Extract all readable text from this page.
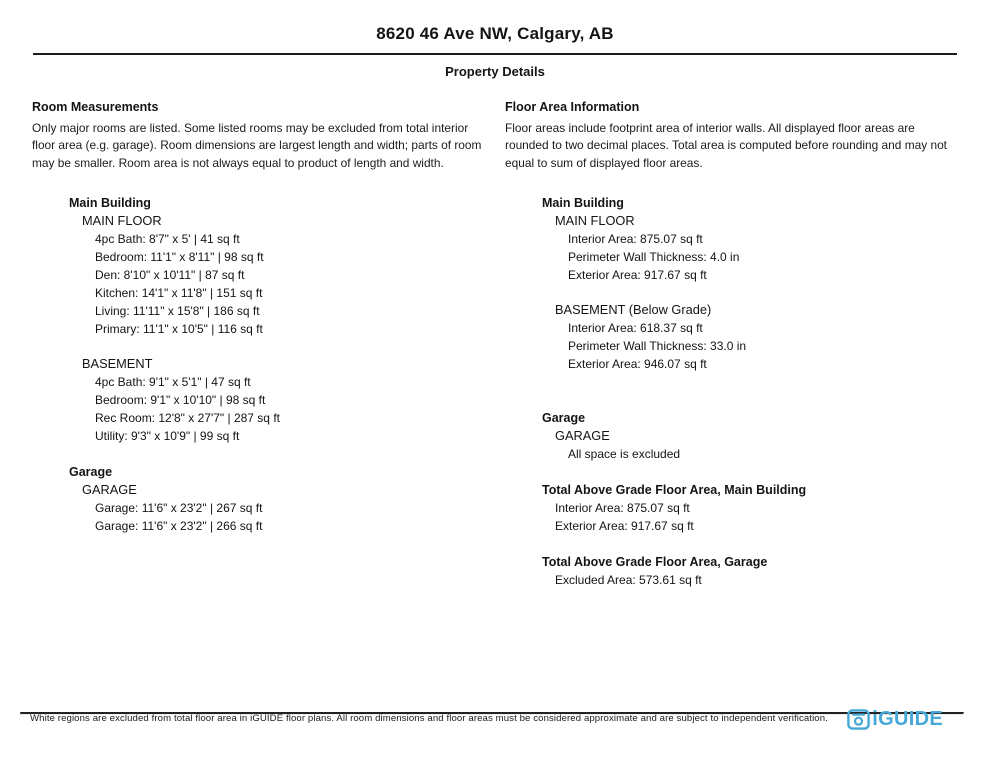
8620 46 Ave NW, Calgary, AB
Property Details
Room Measurements
Only major rooms are listed. Some listed rooms may be excluded from total interior floor area (e.g. garage). Room dimensions are largest length and width; parts of room may be smaller. Room area is not always equal to product of length and width.
Main Building
MAIN FLOOR
4pc Bath: 8'7" x 5' | 41 sq ft
Bedroom: 11'1" x 8'11" | 98 sq ft
Den: 8'10" x 10'11" | 87 sq ft
Kitchen: 14'1" x 11'8" | 151 sq ft
Living: 11'11" x 15'8" | 186 sq ft
Primary: 11'1" x 10'5" | 116 sq ft
BASEMENT
4pc Bath: 9'1" x 5'1" | 47 sq ft
Bedroom: 9'1" x 10'10" | 98 sq ft
Rec Room: 12'8" x 27'7" | 287 sq ft
Utility: 9'3" x 10'9" | 99 sq ft
Garage
GARAGE
Garage: 11'6" x 23'2" | 267 sq ft
Garage: 11'6" x 23'2" | 266 sq ft
Floor Area Information
Floor areas include footprint area of interior walls. All displayed floor areas are rounded to two decimal places. Total area is computed before rounding and may not equal to sum of displayed floor areas.
Main Building
MAIN FLOOR
Interior Area: 875.07 sq ft
Perimeter Wall Thickness: 4.0 in
Exterior Area: 917.67 sq ft
BASEMENT (Below Grade)
Interior Area: 618.37 sq ft
Perimeter Wall Thickness: 33.0 in
Exterior Area: 946.07 sq ft
Garage
GARAGE
All space is excluded
Total Above Grade Floor Area, Main Building
Interior Area: 875.07 sq ft
Exterior Area: 917.67 sq ft
Total Above Grade Floor Area, Garage
Excluded Area: 573.61 sq ft
White regions are excluded from total floor area in iGUIDE floor plans. All room dimensions and floor areas must be considered approximate and are subject to independent verification. iGUIDE
